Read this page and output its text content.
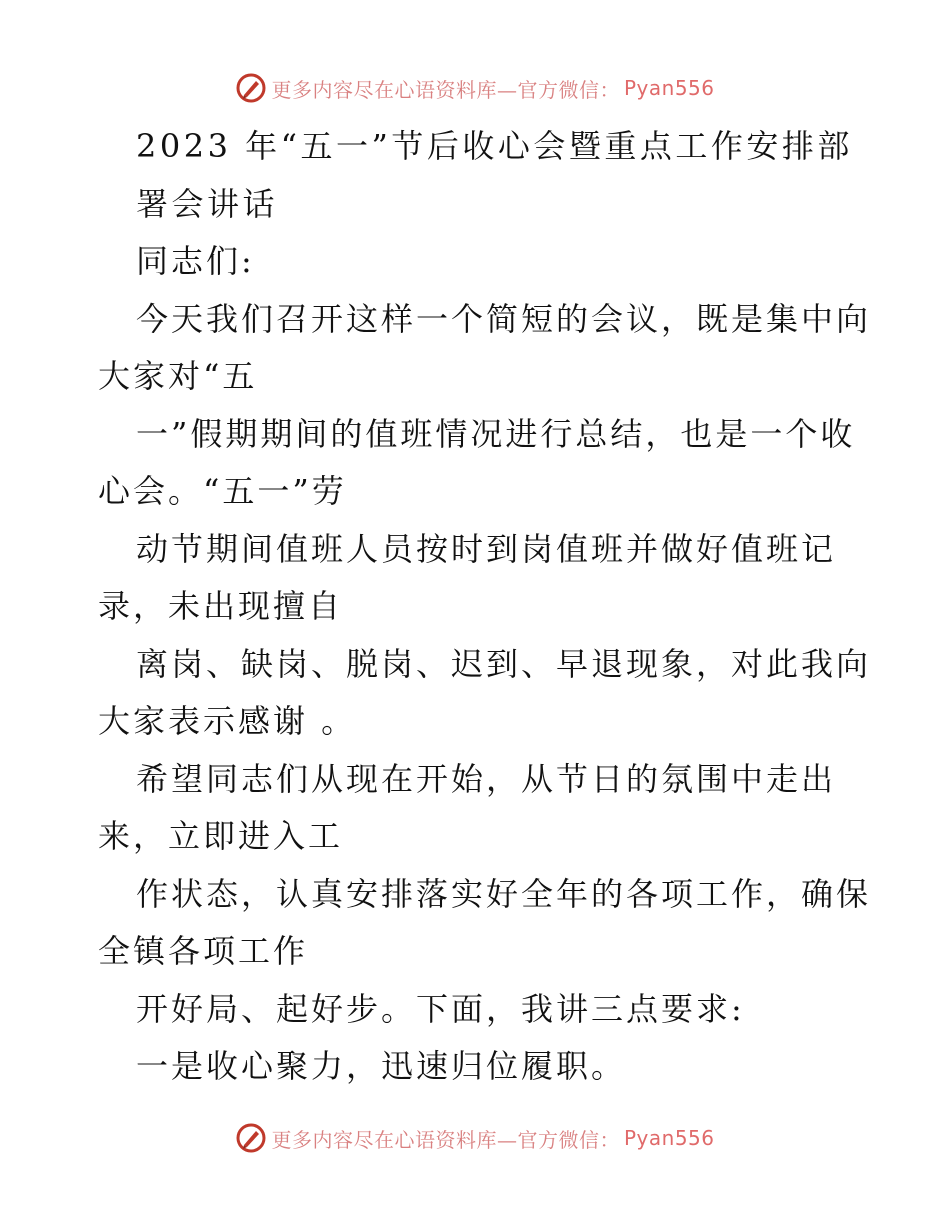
更多内容尽在心语资料库—官方微信： Pyan556
2023 年“五一”节后收心会暨重点工作安排部
署会讲话
同志们:
今天我们召开这样一个简短的会议，既是集中向
大家对“五
一”假期期间的值班情况进行总结，也是一个收
心会。“五一”劳
动节期间值班人员按时到岗值班并做好值班记
录，未出现擅自
离岗、缺岗、脱岗、迟到、早退现象，对此我向
大家表示感谢 。
希望同志们从现在开始，从节日的氛围中走出
来，立即进入工
作状态，认真安排落实好全年的各项工作，确保
全镇各项工作
开好局、起好步。下面，我讲三点要求:
一是收心聚力，迅速归位履职。
更多内容尽在心语资料库—官方微信： Pyan556
